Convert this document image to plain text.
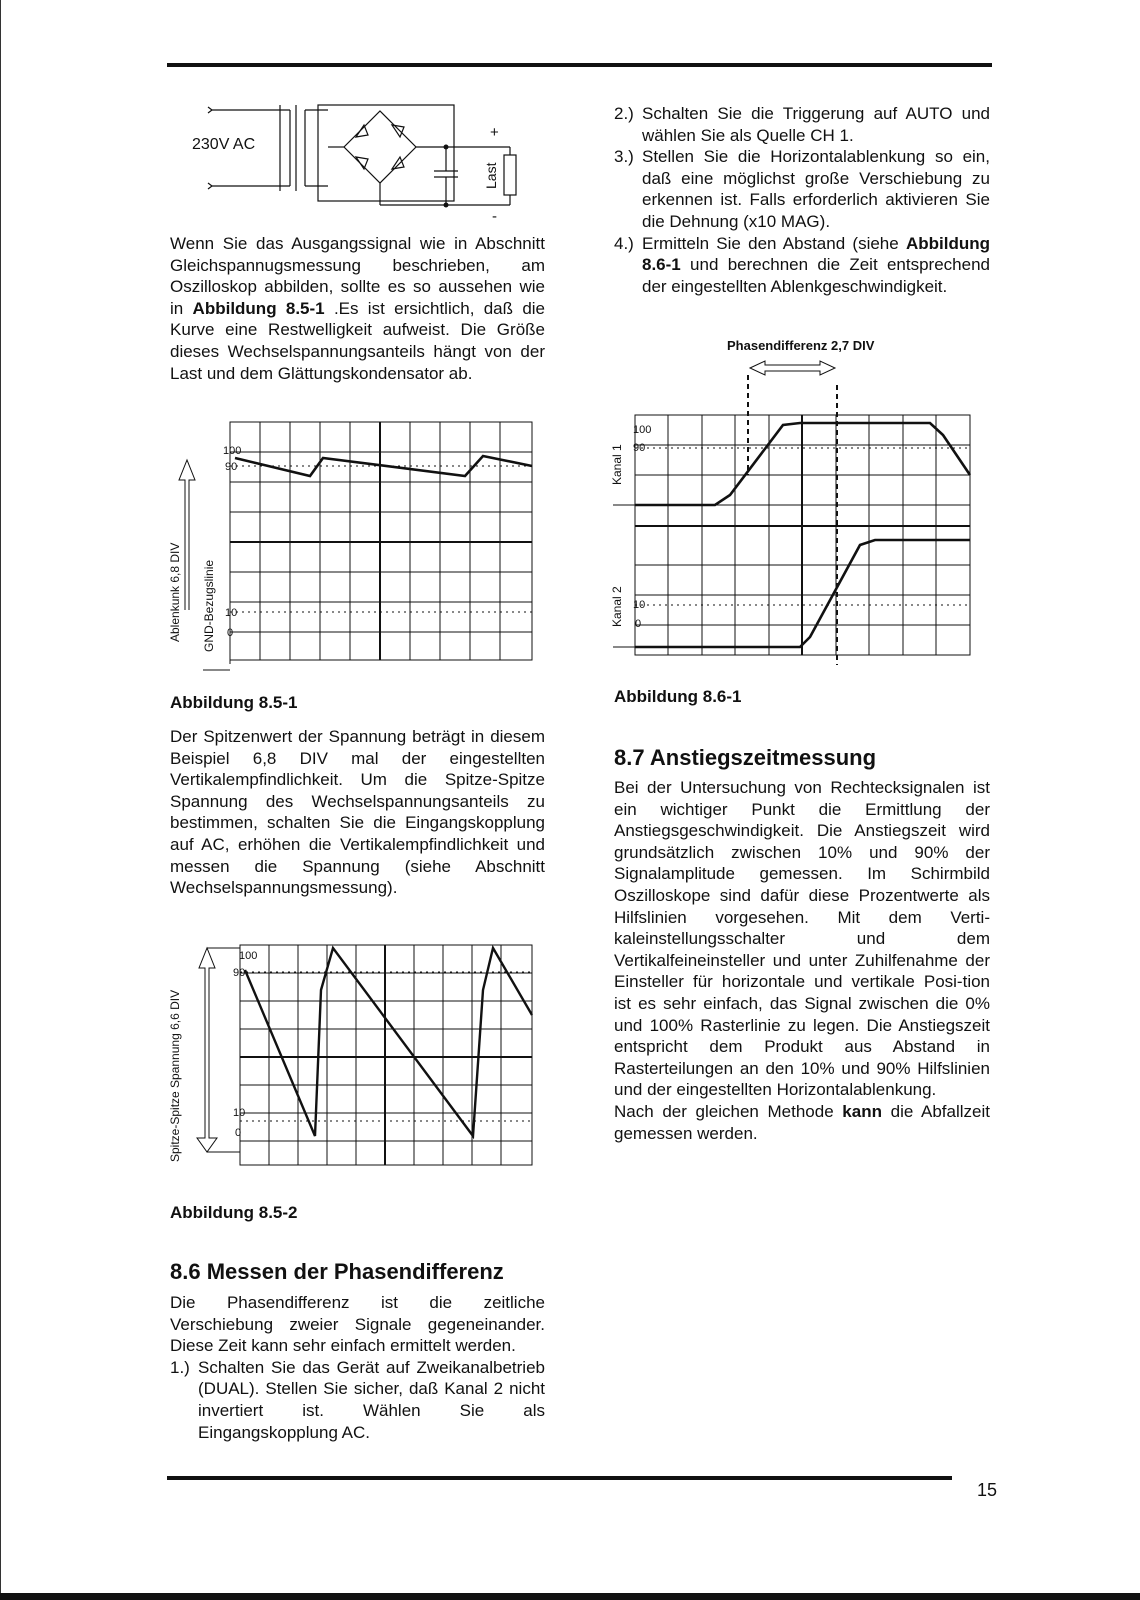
230V AC
+
-
Last

Wenn Sie das Ausgangssignal wie in Abschnitt Gleichspannugsmessung beschrieben, am Oszilloskop abbilden, sollte es so aussehen wie in Abbildung 8.5-1 .Es ist ersichtlich, daß die Kurve eine Restwelligkeit aufweist. Die Größe dieses Wechselspannungsanteils hängt von der Last und dem Glättungskondensator ab.

100
90
10
0
Ablenkunk 6,8 DIV GND-Bezugslinie
Abbildung 8.5-1

Der Spitzenwert der Spannung beträgt in diesem Beispiel 6,8 DIV mal der eingestellten Vertikalempfindlichkeit. Um die Spitze-Spitze Spannung des Wechselspannungsanteils zu bestimmen, schalten Sie die Eingangskopplung auf AC, erhöhen die Vertikalempfindlichkeit und messen die Spannung (siehe Abschnitt Wechselspannungsmessung).

100
90
10
0
Spitze-Spitze Spannung 6,6 DIV
Abbildung 8.5-2
8.6 Messen der Phasendifferenz

Die Phasendifferenz ist die zeitliche Verschiebung zweier Signale gegeneinander. Diese Zeit kann sehr einfach ermittelt werden.

1.) Schalten Sie das Gerät auf Zweikanalbetrieb (DUAL). Stellen Sie sicher, daß Kanal 2 nicht invertiert ist. Wählen Sie als Eingangskopplung AC.
2.) Schalten Sie die Triggerung auf AUTO und wählen Sie als Quelle CH 1.
3.) Stellen Sie die Horizontalablenkung so ein, daß eine möglichst große Verschiebung zu erkennen ist. Falls erforderlich aktivieren Sie die Dehnung (x10 MAG).
4.) Ermitteln Sie den Abstand (siehe Abbildung 8.6-1 und berechnen die Zeit entsprechend der eingestellten Ablenkgeschwindigkeit.
Phasendifferenz 2,7 DIV
100
90
10
0
Kanal 1
Kanal 2
Abbildung 8.6-1
8.7 Anstiegszeitmessung

Bei der Untersuchung von Rechtecksignalen ist ein wichtiger Punkt die Ermittlung der Anstiegsgeschwindigkeit. Die Anstiegszeit wird grundsätzlich zwischen 10% und 90% der Signalamplitude gemessen. Im Schirmbild Oszilloskope sind dafür diese Prozentwerte als Hilfslinien vorgesehen. Mit dem Verti-kaleinstellungsschalter und dem Vertikalfeineinsteller und unter Zuhilfenahme der Einsteller für horizontale und vertikale Posi-tion ist es sehr einfach, das Signal zwischen die 0% und 100% Rasterlinie zu legen. Die Anstiegszeit entspricht dem Produkt aus Abstand in Rasterteilungen an den 10% und 90% Hilfslinien und der eingestellten Horizontalablenkung.

Nach der gleichen Methode kann die Abfallzeit gemessen werden.

15
